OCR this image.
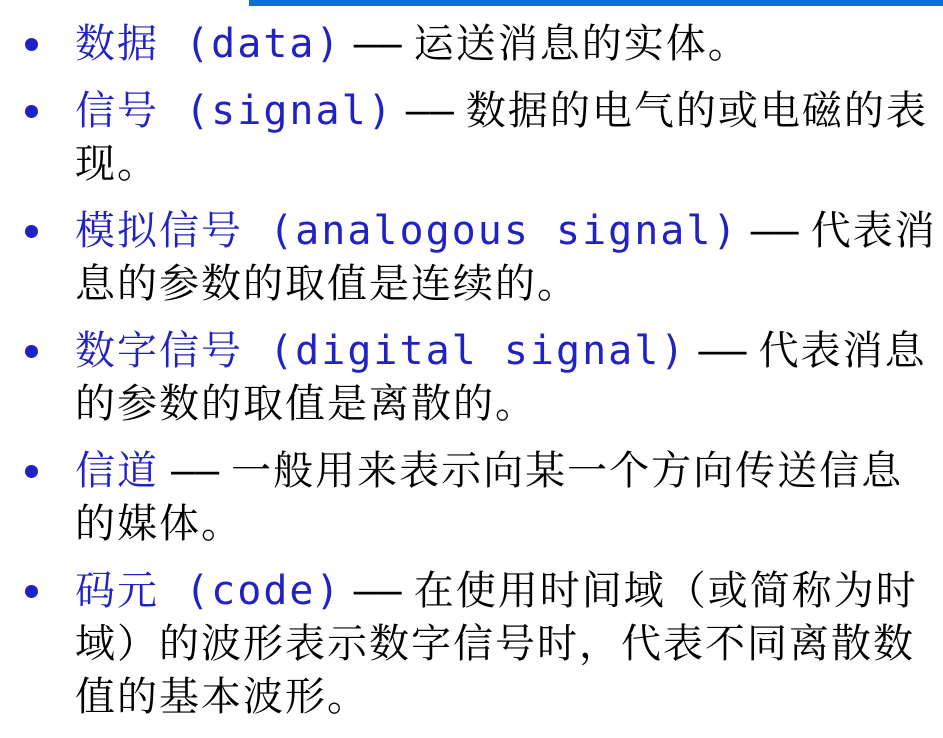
数据 (data) —— 运送消息的实体。
信号 (signal) —— 数据的电气的或电磁的表现。
模拟信号 (analogous signal) —— 代表消息的参数的取值是连续的。
数字信号 (digital signal) —— 代表消息的参数的取值是离散的。
信道 —— 一般用来表示向某一个方向传送信息的媒体。
码元 (code) —— 在使用时间域（或简称为时域）的波形表示数字信号时，代表不同离散数值的基本波形。
